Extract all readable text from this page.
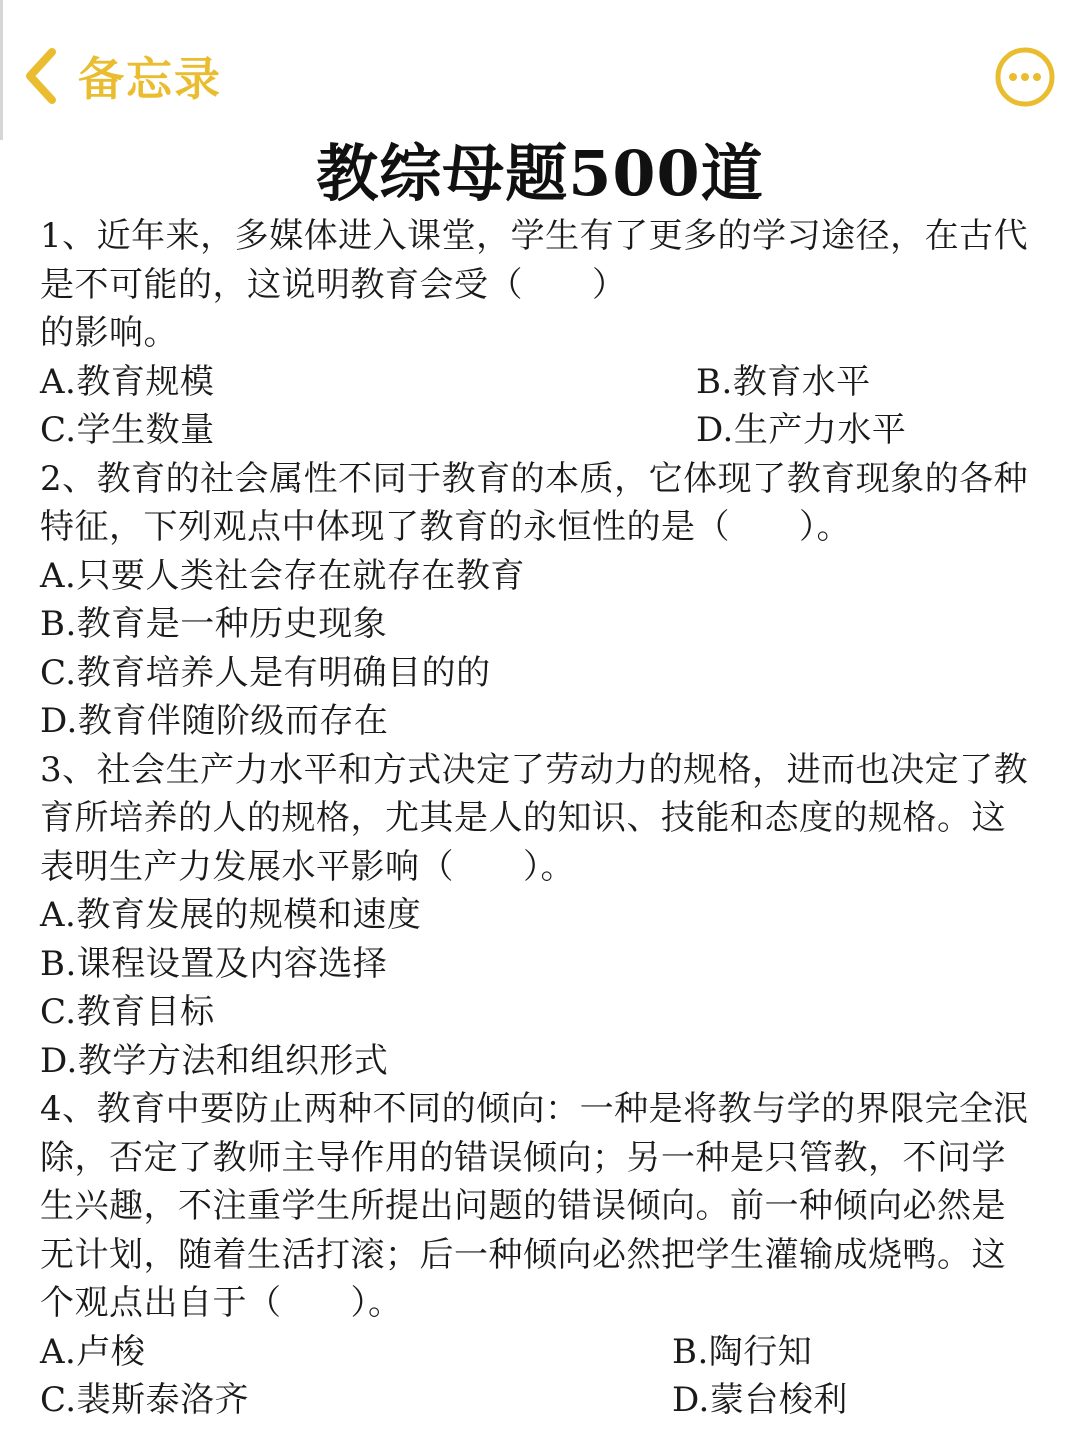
备忘录
教综母题500道
1、近年来，多媒体进入课堂，学生有了更多的学习途径，在古代
是不可能的，这说明教育会受（　　）
的影响。
A.教育规模	B.教育水平
C.学生数量	D.生产力水平
2、教育的社会属性不同于教育的本质，它体现了教育现象的各种
特征，下列观点中体现了教育的永恒性的是（　　）。
A.只要人类社会存在就存在教育
B.教育是一种历史现象
C.教育培养人是有明确目的的
D.教育伴随阶级而存在
3、社会生产力水平和方式决定了劳动力的规格，进而也决定了教
育所培养的人的规格，尤其是人的知识、技能和态度的规格。这
表明生产力发展水平影响（　　）。
A.教育发展的规模和速度
B.课程设置及内容选择
C.教育目标
D.教学方法和组织形式
4、教育中要防止两种不同的倾向：一种是将教与学的界限完全泯
除，否定了教师主导作用的错误倾向；另一种是只管教，不问学
生兴趣，不注重学生所提出问题的错误倾向。前一种倾向必然是
无计划，随着生活打滚；后一种倾向必然把学生灌输成烧鸭。这
个观点出自于（　　）。
A.卢梭	B.陶行知
C.裴斯泰洛齐	D.蒙台梭利
